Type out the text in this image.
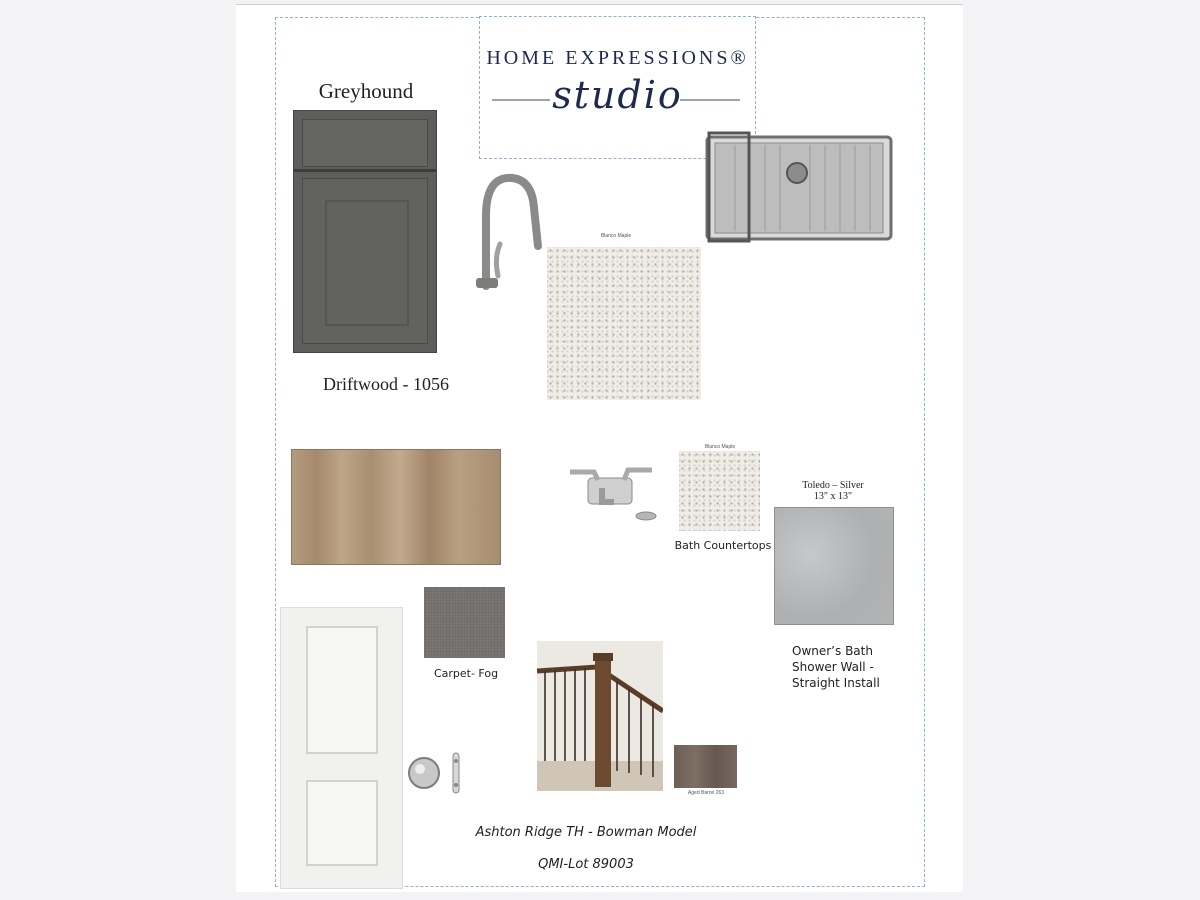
HOME EXPRESSIONS®
studio
Greyhound
Driftwood - 1056
Blanco Maple
Blanco Maple
Bath Countertops
Toledo – Silver
13" x 13"
Owner’s Bath
Shower Wall -
Straight Install
Carpet- Fog
Aged Barrel 263
Ashton Ridge TH - Bowman Model
QMI-Lot 89003
